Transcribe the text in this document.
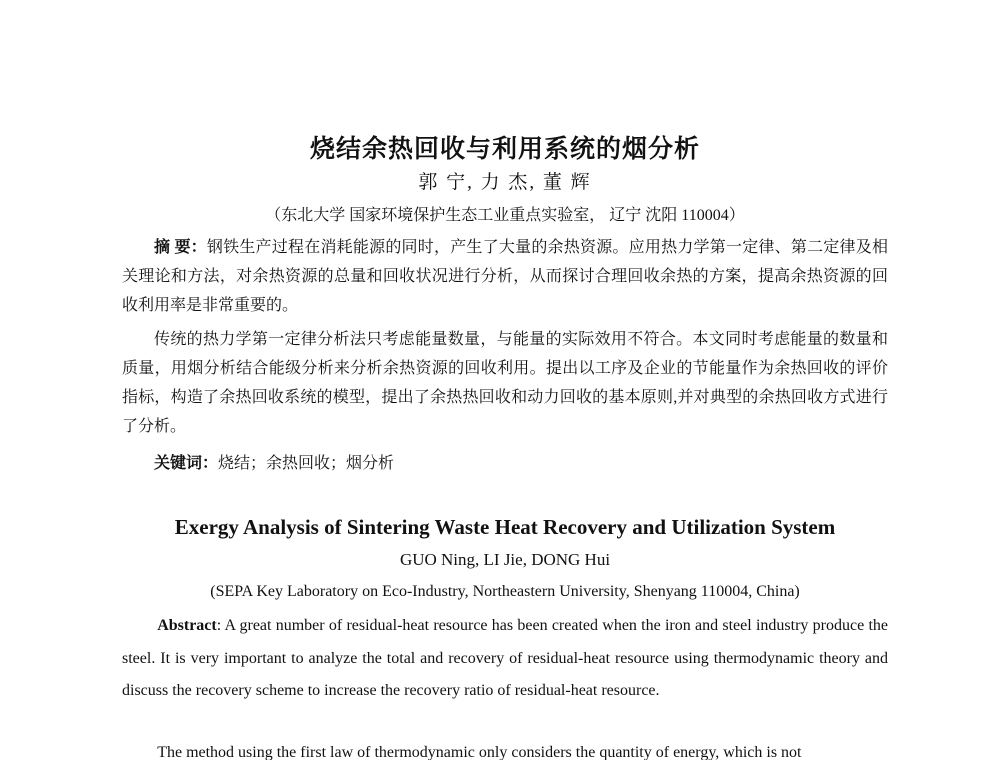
烧结余热回收与利用系统的烟分析
郭 宁, 力 杰, 董 辉
（东北大学 国家环境保护生态工业重点实验室， 辽宁 沈阳 110004）

摘 要：钢铁生产过程在消耗能源的同时，产生了大量的余热资源。应用热力学第一定律、第二定律及相关理论和方法，对余热资源的总量和回收状况进行分析，从而探讨合理回收余热的方案，提高余热资源的回收利用率是非常重要的。

传统的热力学第一定律分析法只考虑能量数量，与能量的实际效用不符合。本文同时考虑能量的数量和质量，用烟分析结合能级分析来分析余热资源的回收利用。提出以工序及企业的节能量作为余热回收的评价指标，构造了余热回收系统的模型，提出了余热热回收和动力回收的基本原则,并对典型的余热回收方式进行了分析。

关键词：烧结；余热回收；烟分析

Exergy Analysis of Sintering Waste Heat Recovery and Utilization System
GUO Ning, LI Jie, DONG Hui
(SEPA Key Laboratory on Eco-Industry, Northeastern University, Shenyang 110004, China)

Abstract: A great number of residual-heat resource has been created when the iron and steel industry produce the steel. It is very important to analyze the total and recovery of residual-heat resource using thermodynamic theory and discuss the recovery scheme to increase the recovery ratio of residual-heat resource.

The method using the first law of thermodynamic only considers the quantity of energy, which is not
